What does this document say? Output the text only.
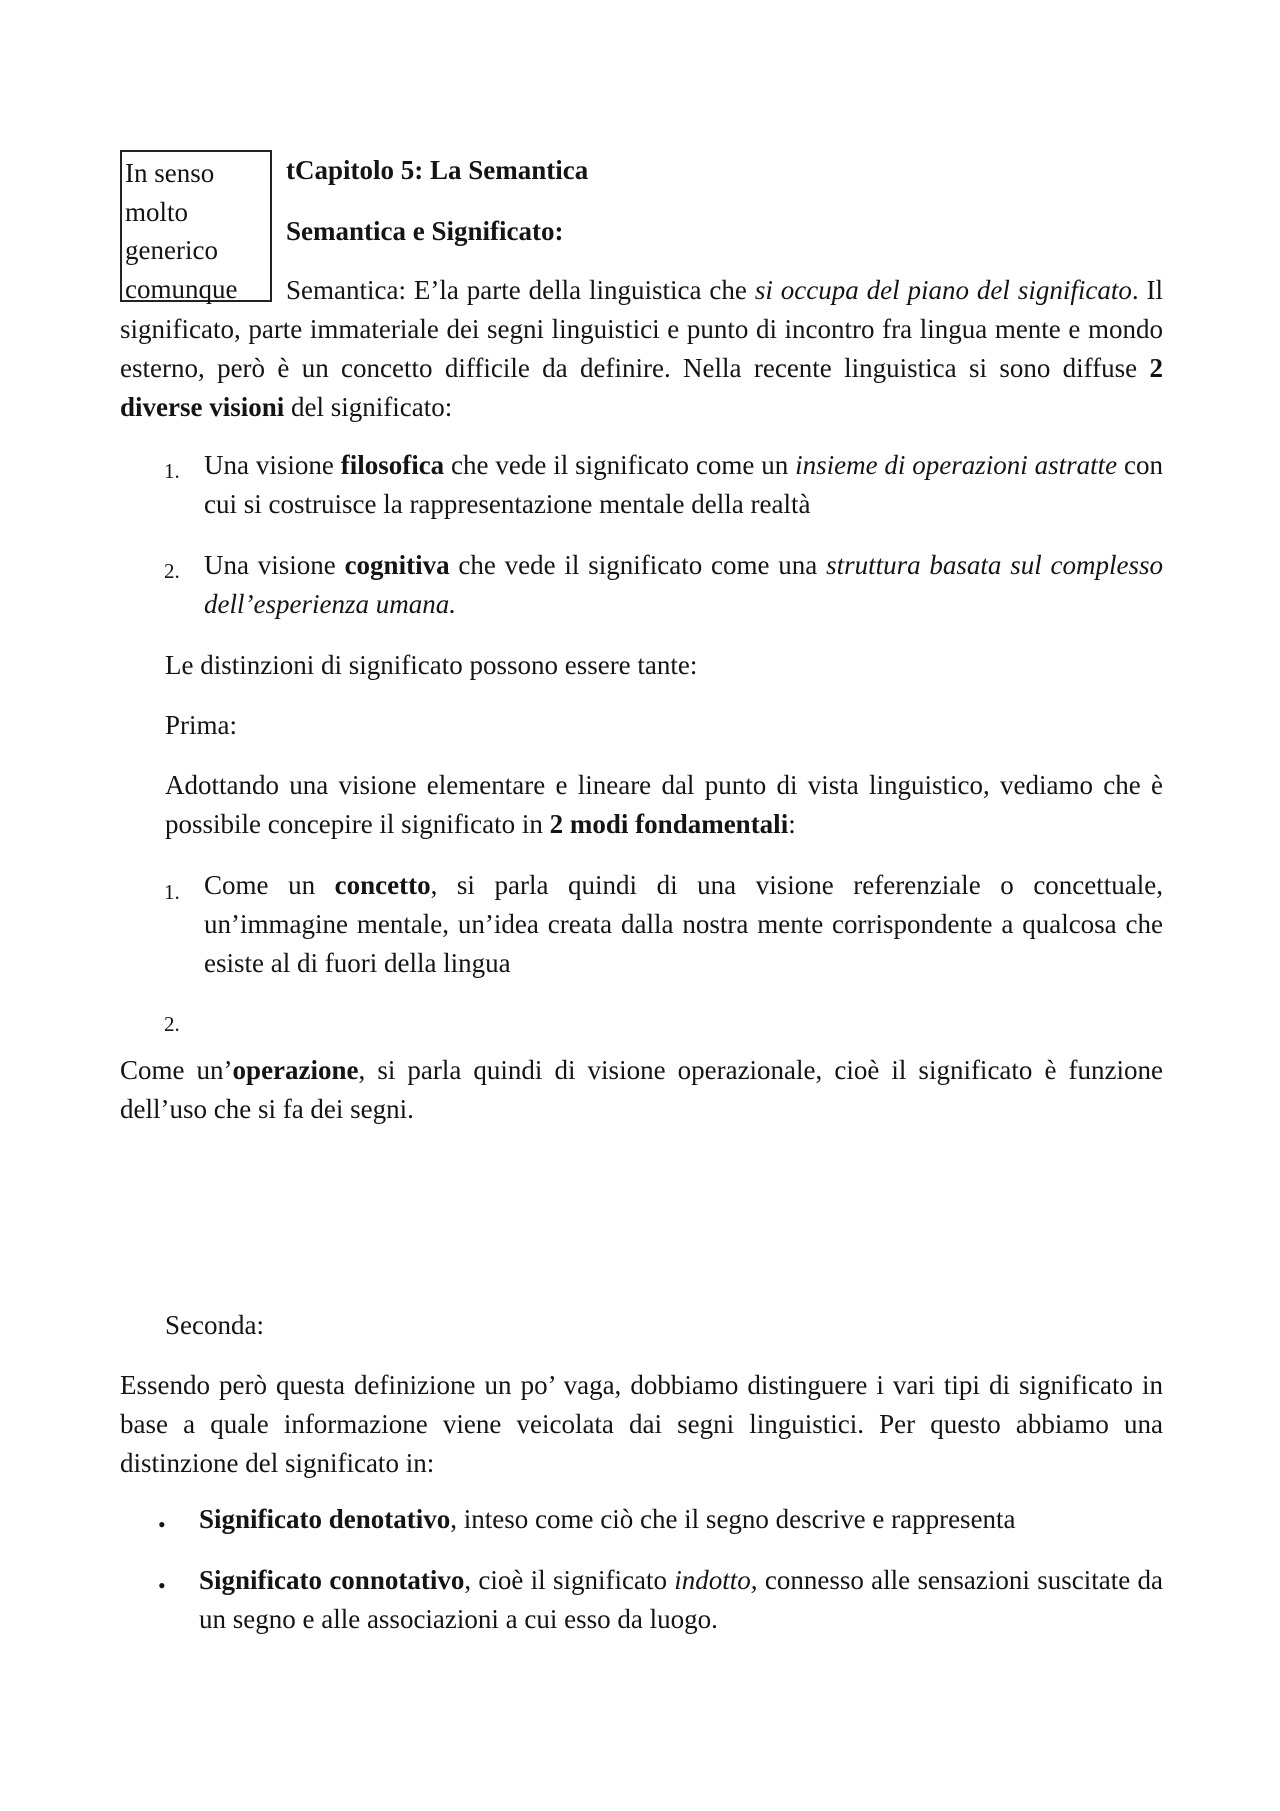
In senso
molto
generico
comunque
tCapitolo 5: La Semantica
Semantica e Significato:
Semantica: E’la parte della linguistica che si occupa del piano del significato. Il significato, parte immateriale dei segni linguistici e punto di incontro fra lingua mente e mondo esterno, però è un concetto difficile da definire. Nella recente linguistica si sono diffuse 2 diverse visioni del significato:
1. Una visione filosofica che vede il significato come un insieme di operazioni astratte con cui si costruisce la rappresentazione mentale della realtà
2. Una visione cognitiva che vede il significato come una struttura basata sul complesso dell’esperienza umana.
Le distinzioni di significato possono essere tante:
Prima:
Adottando una visione elementare e lineare dal punto di vista linguistico, vediamo che è possibile concepire il significato in 2 modi fondamentali:
1. Come un concetto, si parla quindi di una visione referenziale o concettuale, un’immagine mentale, un’idea creata dalla nostra mente corrispondente a qualcosa che esiste al di fuori della lingua
2.
Come un’operazione, si parla quindi di visione operazionale, cioè il significato è funzione dell’uso che si fa dei segni.
Seconda:
Essendo però questa definizione un po’ vaga, dobbiamo distinguere i vari tipi di significato in base a quale informazione viene veicolata dai segni linguistici. Per questo abbiamo una distinzione del significato in:
• Significato denotativo, inteso come ciò che il segno descrive e rappresenta
• Significato connotativo, cioè il significato indotto, connesso alle sensazioni suscitate da un segno e alle associazioni a cui esso da luogo.
